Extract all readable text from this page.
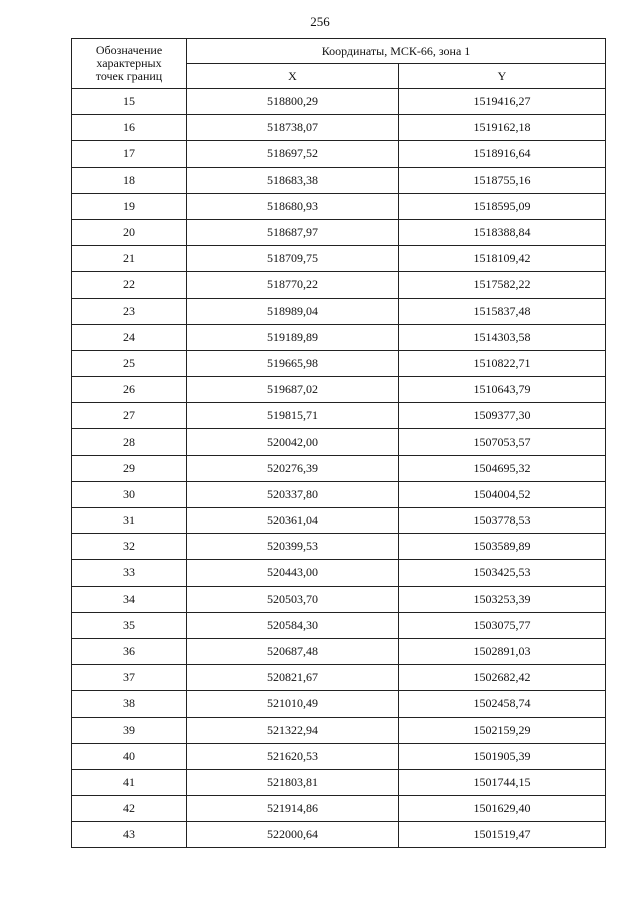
256
Обозначение
характерных
точек границ	Координаты, МСК-66, зона 1	
	X	Y
15	518800,29	1519416,27
16	518738,07	1519162,18
17	518697,52	1518916,64
18	518683,38	1518755,16
19	518680,93	1518595,09
20	518687,97	1518388,84
21	518709,75	1518109,42
22	518770,22	1517582,22
23	518989,04	1515837,48
24	519189,89	1514303,58
25	519665,98	1510822,71
26	519687,02	1510643,79
27	519815,71	1509377,30
28	520042,00	1507053,57
29	520276,39	1504695,32
30	520337,80	1504004,52
31	520361,04	1503778,53
32	520399,53	1503589,89
33	520443,00	1503425,53
34	520503,70	1503253,39
35	520584,30	1503075,77
36	520687,48	1502891,03
37	520821,67	1502682,42
38	521010,49	1502458,74
39	521322,94	1502159,29
40	521620,53	1501905,39
41	521803,81	1501744,15
42	521914,86	1501629,40
43	522000,64	1501519,47
